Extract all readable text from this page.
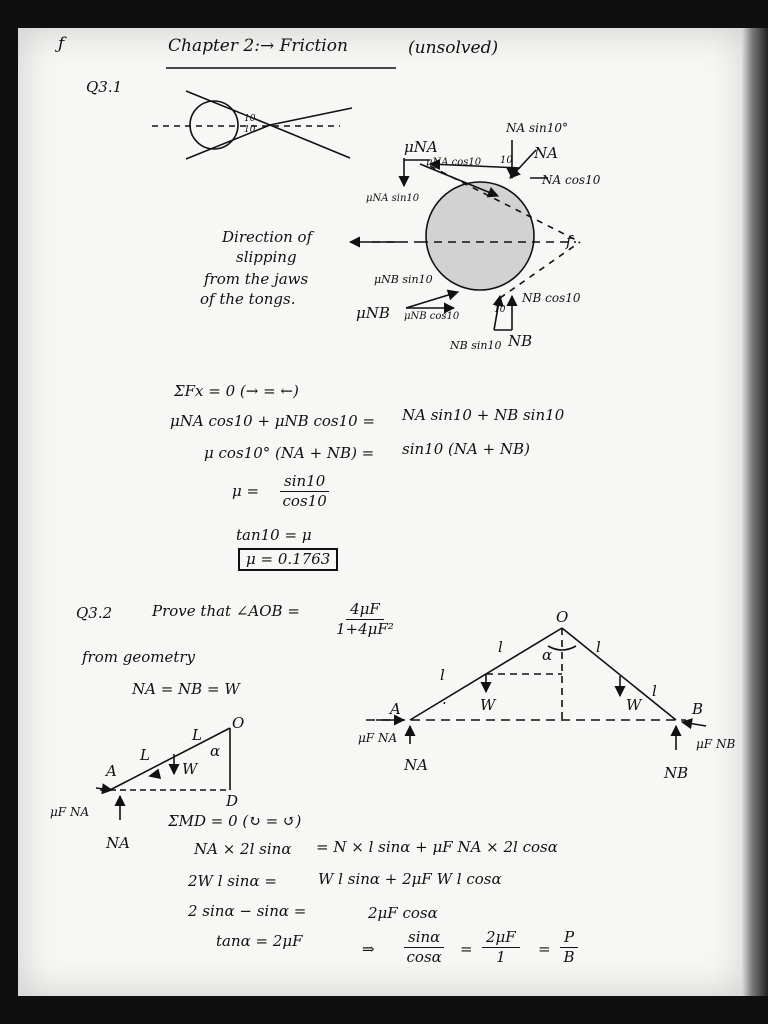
ƒ	Chapter 2:→ Friction	(unsolved)
Q3.1
10
10	NA sin10°
μNA
μNA cos10 10 NA
NA cos10
μNA sin10
f
μNB sin10
μNB μNB cos10
10
NB cos10
NB sin10 NB
Direction of
slipping
from the jaws
of the tongs.
ΣFx = 0 (→ = ←)
μNA cos10 + μNB cos10 = NA sin10 + NB sin10
μ cos10° (NA + NB) = sin10 (NA + NB)
$\mu = \frac{\sin 10}{\cos 10}$
tan10 = μ
μ = 0.1763
Q3.2	Prove that ∠AOB = $\frac{4\mu F}{\text{1+4μF²}}$
from geometry
NA = NB = W
O
A	B
l
l	l
l
α
W	W
μF NA	μF NB
NA	NB
.
O
A
D
L
L
α
W
μF NA
NA
ΣMD = 0 (↻ = ↺)
NA × 2l sinα = N × l sinα + μF NA × 2l cosα
2W l sinα =	W l sinα + 2μF W l cosα
2 sinα − sinα =	2μF cosα
tanα = 2μF	⇒ $\frac{\sin\alpha}{\cos\alpha} = \frac{2\mu F}{1} = \frac{P}{B}$
